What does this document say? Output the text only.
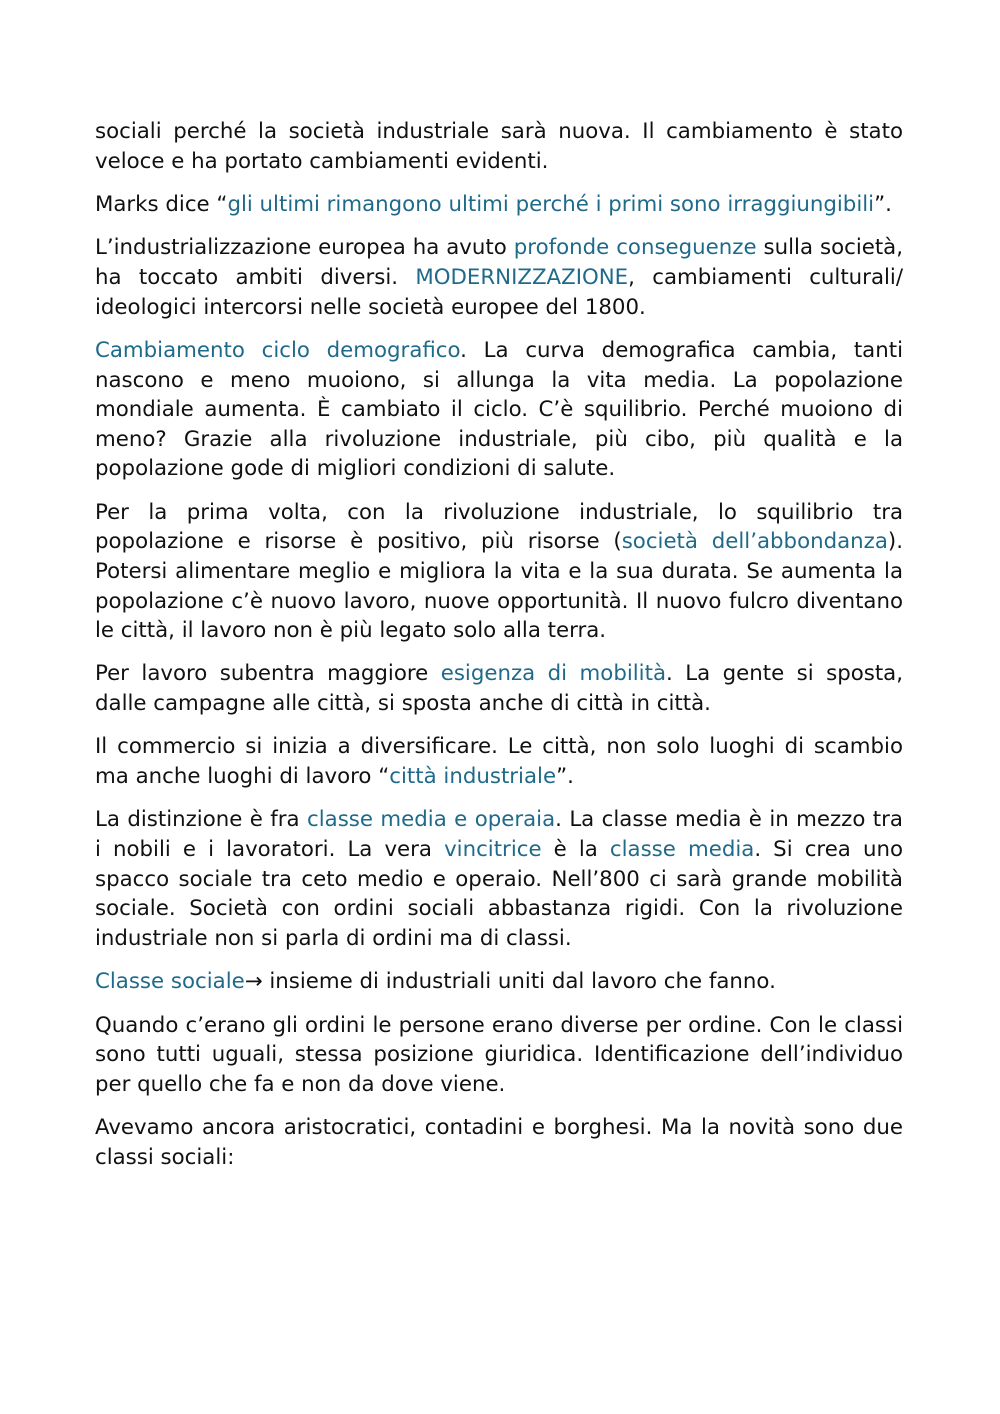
sociali perché la società industriale sarà nuova. Il cambiamento è stato veloce e ha portato cambiamenti evidenti.

Marks dice “gli ultimi rimangono ultimi perché i primi sono irraggiungibili”.

L’industrializzazione europea ha avuto profonde conseguenze sulla società, ha toccato ambiti diversi. MODERNIZZAZIONE, cambiamenti culturali/ ideologici intercorsi nelle società europee del 1800.

Cambiamento ciclo demografico. La curva demografica cambia, tanti nascono e meno muoiono, si allunga la vita media. La popolazione mondiale aumenta. È cambiato il ciclo. C’è squilibrio. Perché muoiono di meno? Grazie alla rivoluzione industriale, più cibo, più qualità e la popolazione gode di migliori condizioni di salute.

Per la prima volta, con la rivoluzione industriale, lo squilibrio tra popolazione e risorse è positivo, più risorse (società dell’abbondanza). Potersi alimentare meglio e migliora la vita e la sua durata. Se aumenta la popolazione c’è nuovo lavoro, nuove opportunità. Il nuovo fulcro diventano le città, il lavoro non è più legato solo alla terra.

Per lavoro subentra maggiore esigenza di mobilità. La gente si sposta, dalle campagne alle città, si sposta anche di città in città.

Il commercio si inizia a diversificare. Le città, non solo luoghi di scambio ma anche luoghi di lavoro “città industriale”.

La distinzione è fra classe media e operaia. La classe media è in mezzo tra i nobili e i lavoratori. La vera vincitrice è la classe media. Si crea uno spacco sociale tra ceto medio e operaio. Nell’800 ci sarà grande mobilità sociale. Società con ordini sociali abbastanza rigidi. Con la rivoluzione industriale non si parla di ordini ma di classi.

Classe sociale→ insieme di industriali uniti dal lavoro che fanno.

Quando c’erano gli ordini le persone erano diverse per ordine. Con le classi sono tutti uguali, stessa posizione giuridica. Identificazione dell’individuo per quello che fa e non da dove viene.

Avevamo ancora aristocratici, contadini e borghesi. Ma la novità sono due classi sociali:
